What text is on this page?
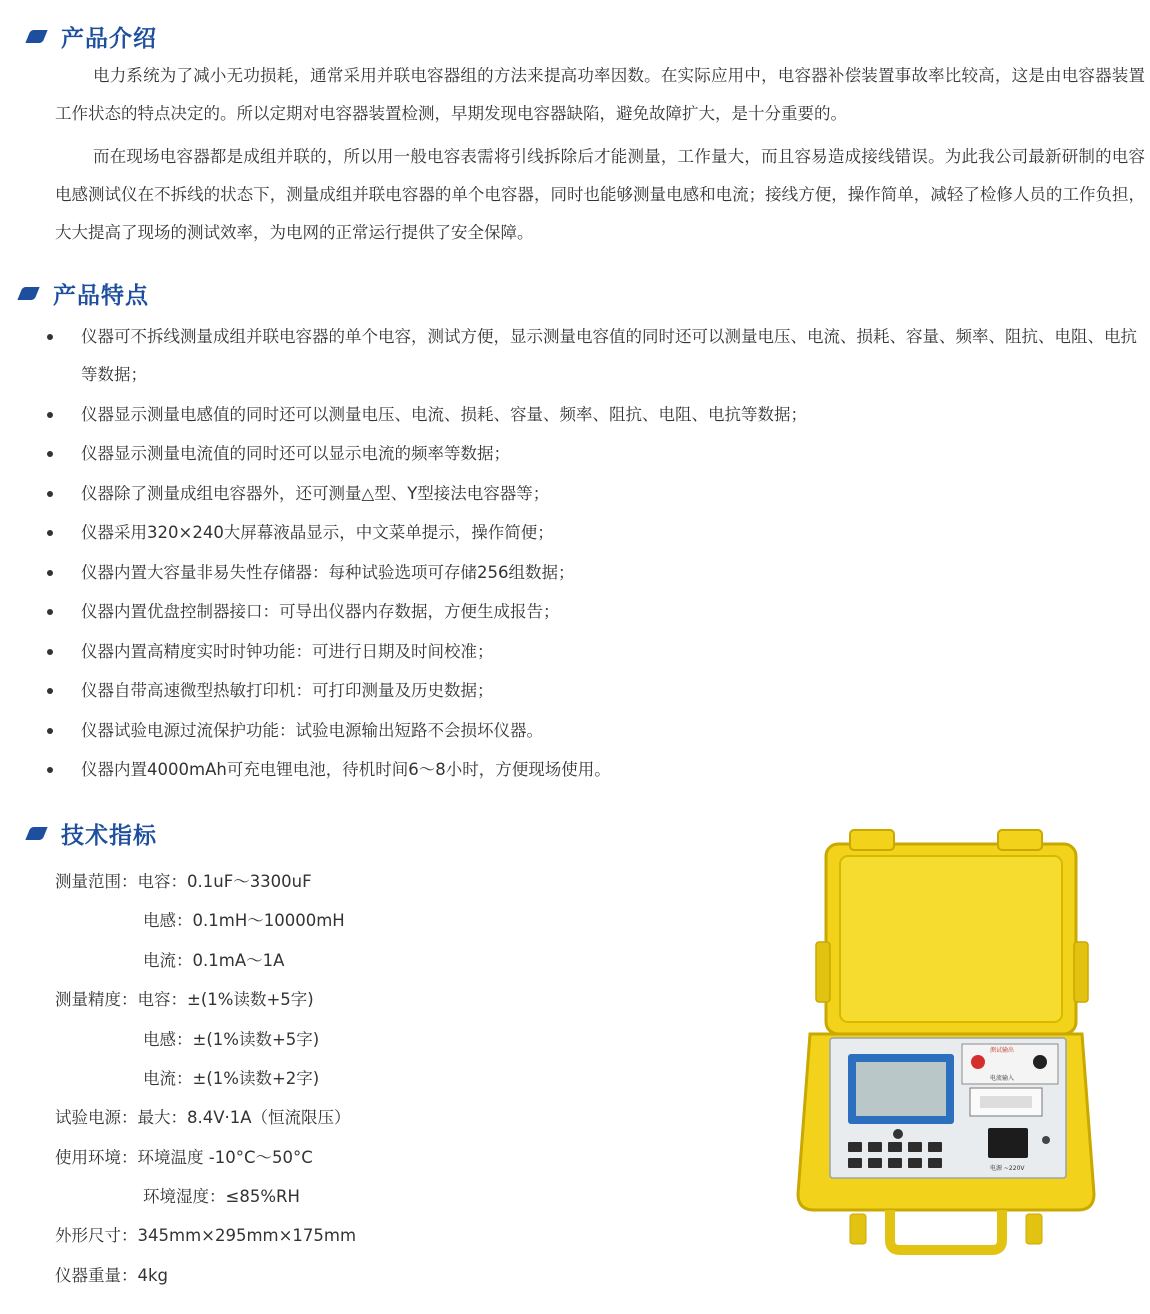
产品介绍

电力系统为了减小无功损耗，通常采用并联电容器组的方法来提高功率因数。在实际应用中，电容器补偿装置事故率比较高，这是由电容器装置工作状态的特点决定的。所以定期对电容器装置检测，早期发现电容器缺陷，避免故障扩大，是十分重要的。

而在现场电容器都是成组并联的，所以用一般电容表需将引线拆除后才能测量，工作量大，而且容易造成接线错误。为此我公司最新研制的电容电感测试仪在不拆线的状态下，测量成组并联电容器的单个电容器，同时也能够测量电感和电流；接线方便，操作简单，减轻了检修人员的工作负担，大大提高了现场的测试效率，为电网的正常运行提供了安全保障。

产品特点
仪器可不拆线测量成组并联电容器的单个电容，测试方便，显示测量电容值的同时还可以测量电压、电流、损耗、容量、频率、阻抗、电阻、电抗等数据；
仪器显示测量电感值的同时还可以测量电压、电流、损耗、容量、频率、阻抗、电阻、电抗等数据；
仪器显示测量电流值的同时还可以显示电流的频率等数据；
仪器除了测量成组电容器外，还可测量△型、Y型接法电容器等；
仪器采用320×240大屏幕液晶显示，中文菜单提示，操作简便；
仪器内置大容量非易失性存储器：每种试验选项可存储256组数据；
仪器内置优盘控制器接口：可导出仪器内存数据，方便生成报告；
仪器内置高精度实时时钟功能：可进行日期及时间校准；
仪器自带高速微型热敏打印机：可打印测量及历史数据；
仪器试验电源过流保护功能：试验电源输出短路不会损坏仪器。
仪器内置4000mAh可充电锂电池，待机时间6～8小时，方便现场使用。
技术指标
测量范围：电容：0.1uF～3300uF
电感：0.1mH～10000mH
电流：0.1mA～1A
测量精度：电容：±(1%读数+5字)
电感：±(1%读数+5字)
电流：±(1%读数+2字)
试验电源：最大：8.4V·1A（恒流限压）
使用环境：环境温度 -10°C～50°C
环境湿度：≤85%RH
外形尺寸：345mm×295mm×175mm
仪器重量：4kg
测试输出
电流输入
电源 ~220V
